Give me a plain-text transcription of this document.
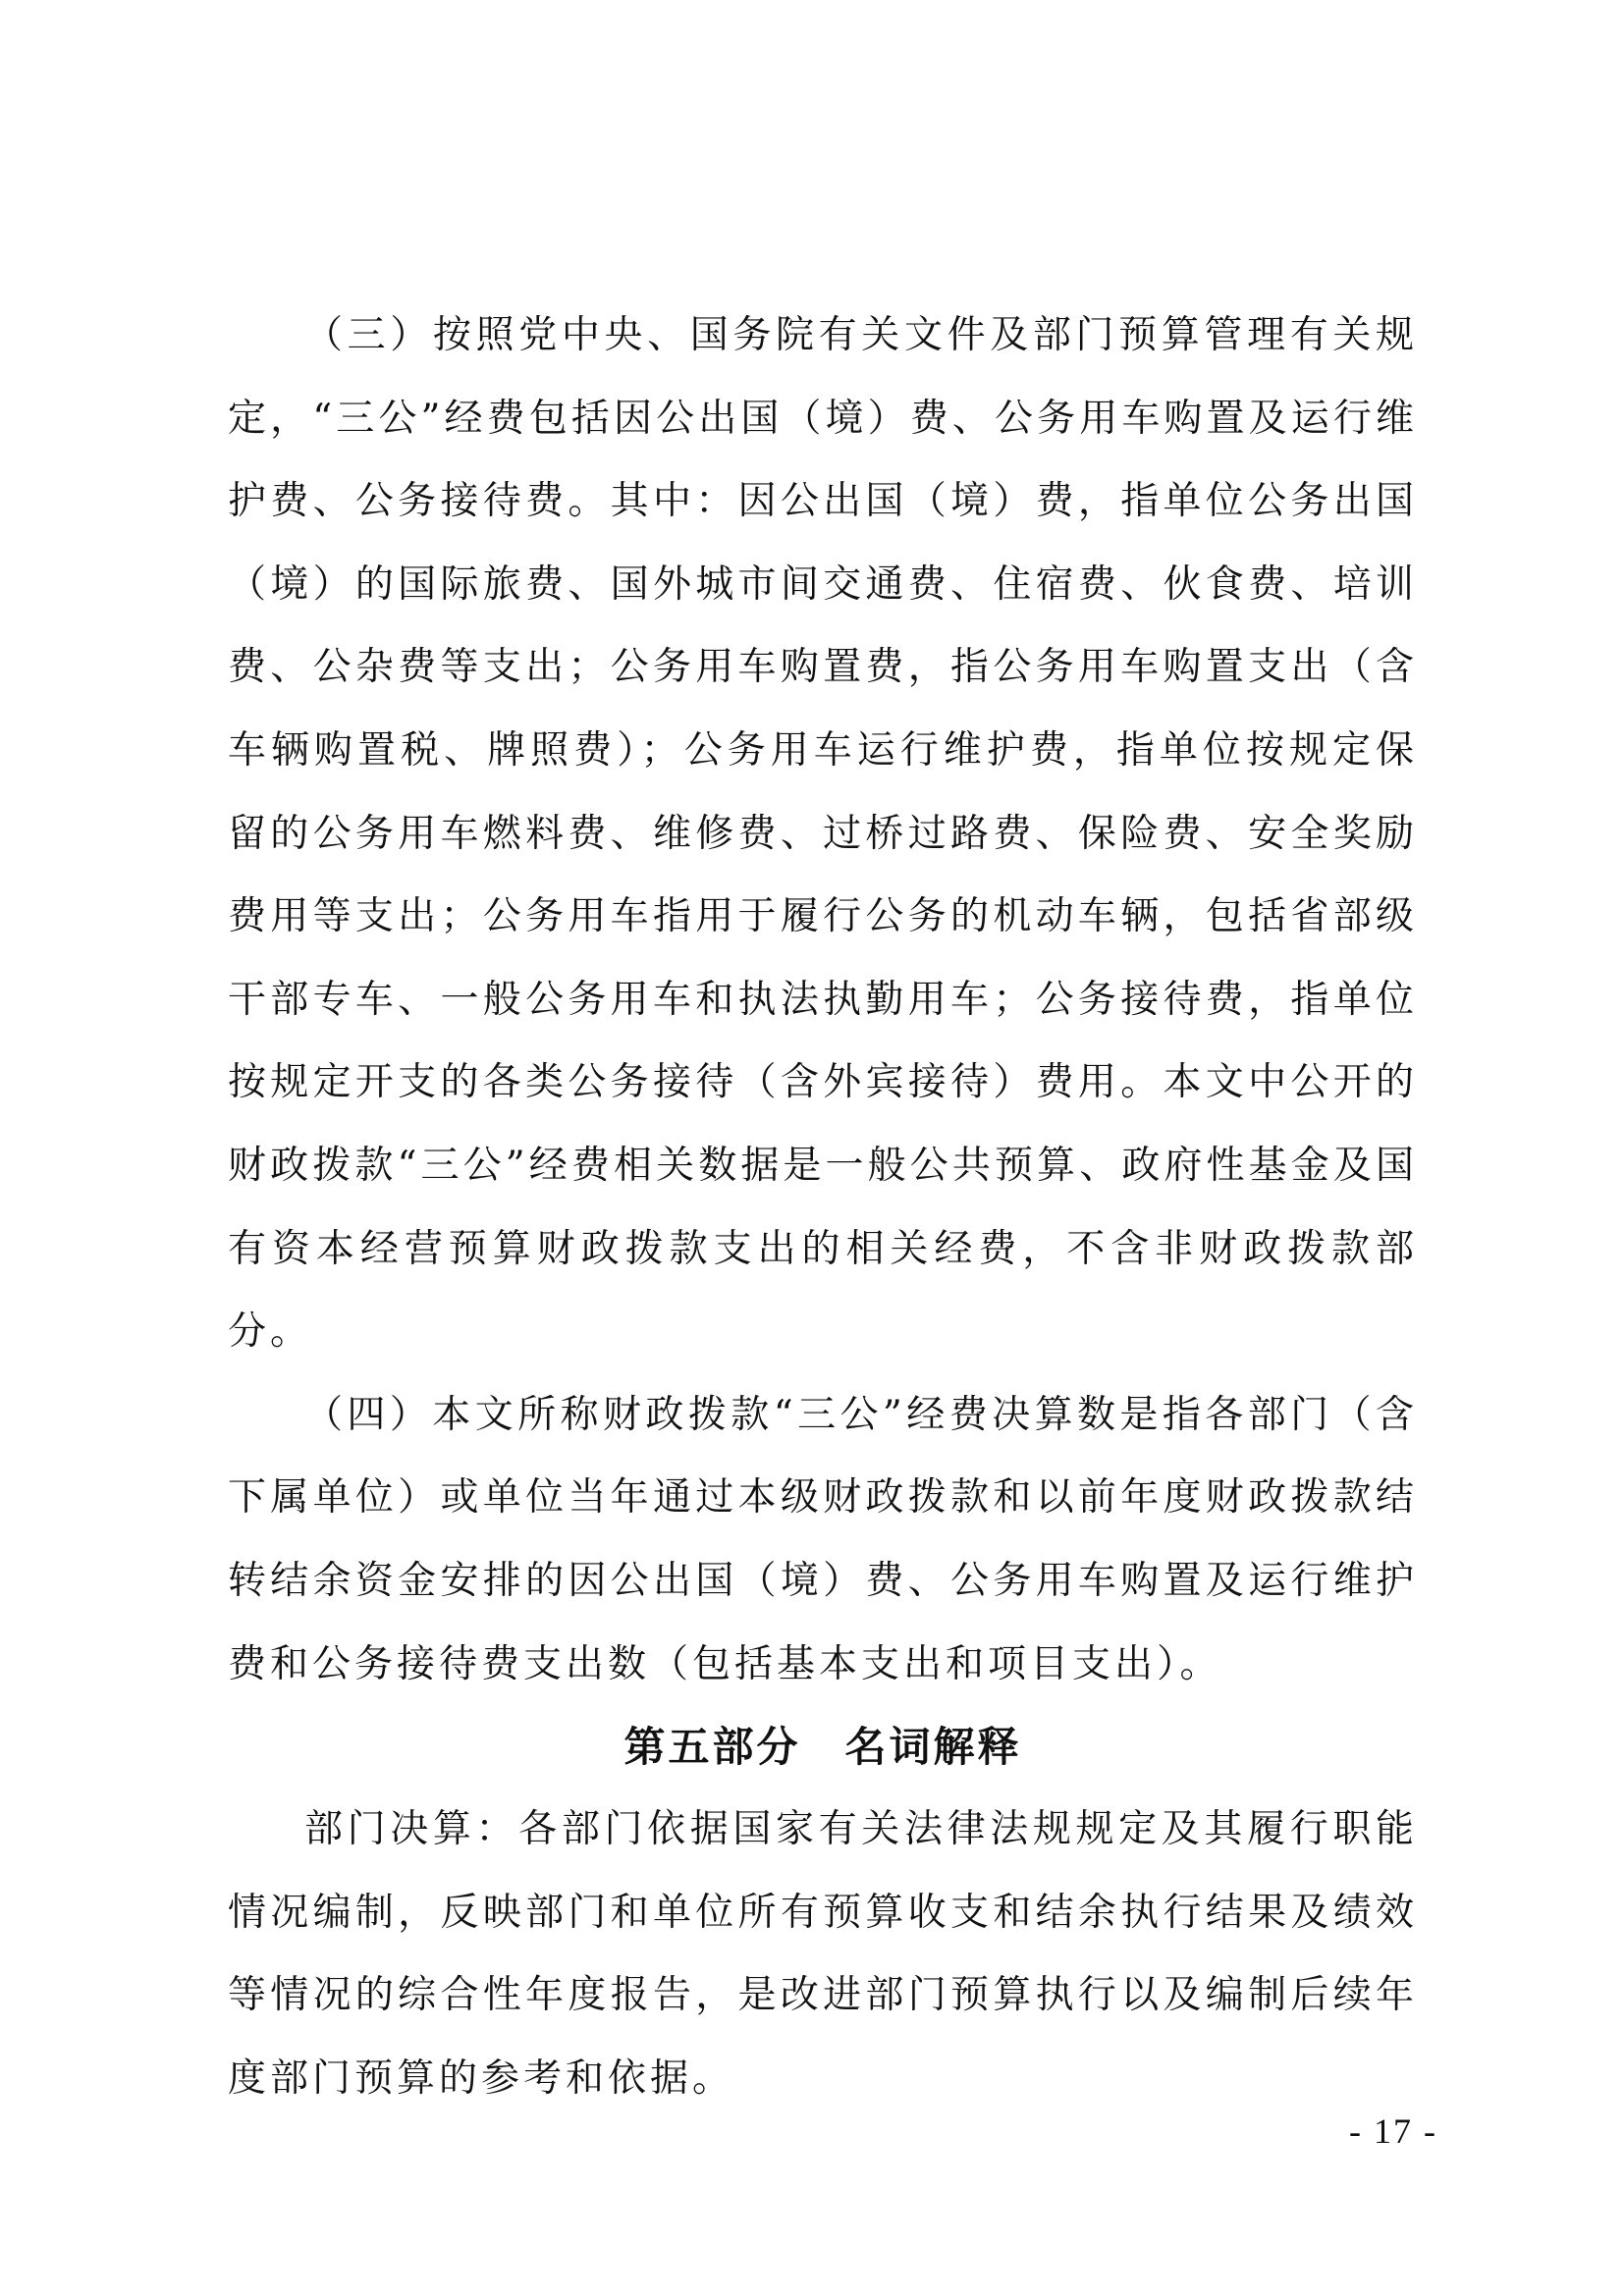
（三）按照党中央、国务院有关文件及部门预算管理有关规定，“三公”经费包括因公出国（境）费、公务用车购置及运行维护费、公务接待费。其中：因公出国（境）费，指单位公务出国（境）的国际旅费、国外城市间交通费、住宿费、伙食费、培训费、公杂费等支出；公务用车购置费，指公务用车购置支出（含车辆购置税、牌照费）；公务用车运行维护费，指单位按规定保留的公务用车燃料费、维修费、过桥过路费、保险费、安全奖励费用等支出；公务用车指用于履行公务的机动车辆，包括省部级干部专车、一般公务用车和执法执勤用车；公务接待费，指单位按规定开支的各类公务接待（含外宾接待）费用。本文中公开的财政拨款“三公”经费相关数据是一般公共预算、政府性基金及国有资本经营预算财政拨款支出的相关经费，不含非财政拨款部分。

（四）本文所称财政拨款“三公”经费决算数是指各部门（含下属单位）或单位当年通过本级财政拨款和以前年度财政拨款结转结余资金安排的因公出国（境）费、公务用车购置及运行维护费和公务接待费支出数（包括基本支出和项目支出）。

第五部分　名词解释

部门决算：各部门依据国家有关法律法规规定及其履行职能情况编制，反映部门和单位所有预算收支和结余执行结果及绩效等情况的综合性年度报告，是改进部门预算执行以及编制后续年度部门预算的参考和依据。

- 17 -
